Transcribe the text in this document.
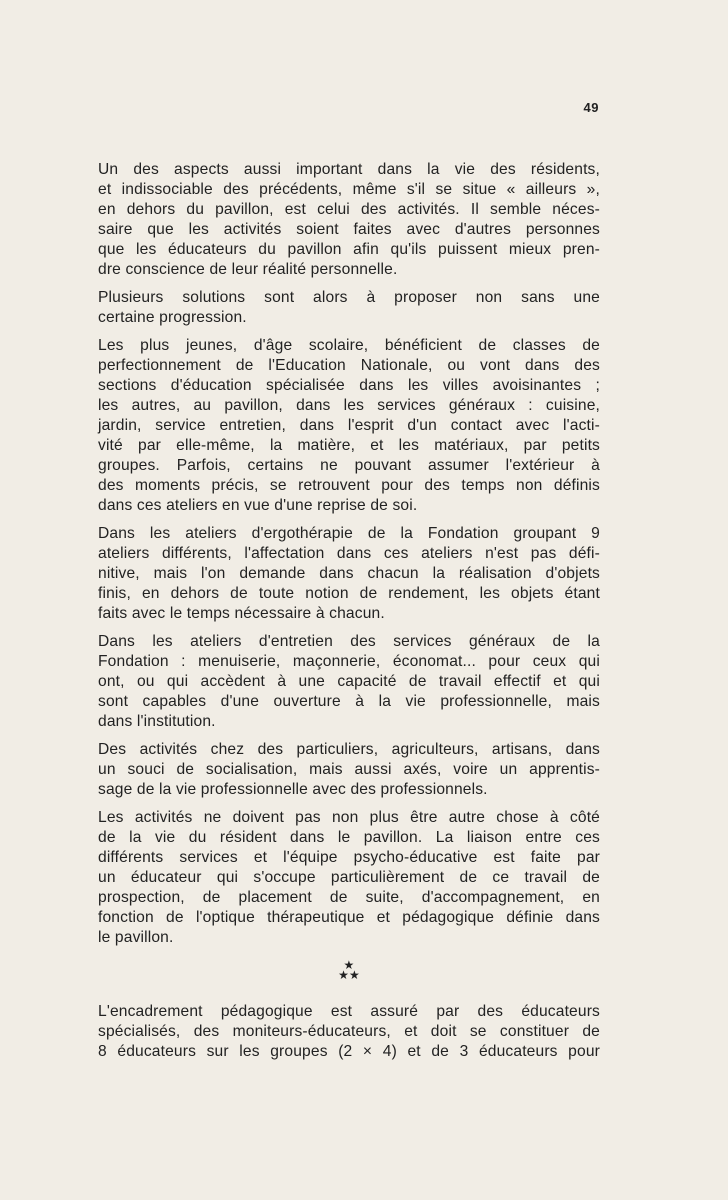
49
Un des aspects aussi important dans la vie des résidents,
et indissociable des précédents, même s'il se situe « ailleurs »,
en dehors du pavillon, est celui des activités. Il semble néces-
saire que les activités soient faites avec d'autres personnes
que les éducateurs du pavillon afin qu'ils puissent mieux pren-
dre conscience de leur réalité personnelle.
Plusieurs solutions sont alors à proposer non sans une
certaine progression.
Les plus jeunes, d'âge scolaire, bénéficient de classes de
perfectionnement de l'Education Nationale, ou vont dans des
sections d'éducation spécialisée dans les villes avoisinantes ;
les autres, au pavillon, dans les services généraux : cuisine,
jardin, service entretien, dans l'esprit d'un contact avec l'acti-
vité par elle-même, la matière, et les matériaux, par petits
groupes. Parfois, certains ne pouvant assumer l'extérieur à
des moments précis, se retrouvent pour des temps non définis
dans ces ateliers en vue d'une reprise de soi.
Dans les ateliers d'ergothérapie de la Fondation groupant 9
ateliers différents, l'affectation dans ces ateliers n'est pas défi-
nitive, mais l'on demande dans chacun la réalisation d'objets
finis, en dehors de toute notion de rendement, les objets étant
faits avec le temps nécessaire à chacun.
Dans les ateliers d'entretien des services généraux de la
Fondation : menuiserie, maçonnerie, économat... pour ceux qui
ont, ou qui accèdent à une capacité de travail effectif et qui
sont capables d'une ouverture à la vie professionnelle, mais
dans l'institution.
Des activités chez des particuliers, agriculteurs, artisans, dans
un souci de socialisation, mais aussi axés, voire un apprentis-
sage de la vie professionnelle avec des professionnels.
Les activités ne doivent pas non plus être autre chose à côté
de la vie du résident dans le pavillon. La liaison entre ces
différents services et l'équipe psycho-éducative est faite par
un éducateur qui s'occupe particulièrement de ce travail de
prospection, de placement de suite, d'accompagnement, en
fonction de l'optique thérapeutique et pédagogique définie dans
le pavillon.
★
★★
L'encadrement pédagogique est assuré par des éducateurs
spécialisés, des moniteurs-éducateurs, et doit se constituer de
8 éducateurs sur les groupes (2 × 4) et de 3 éducateurs pour
